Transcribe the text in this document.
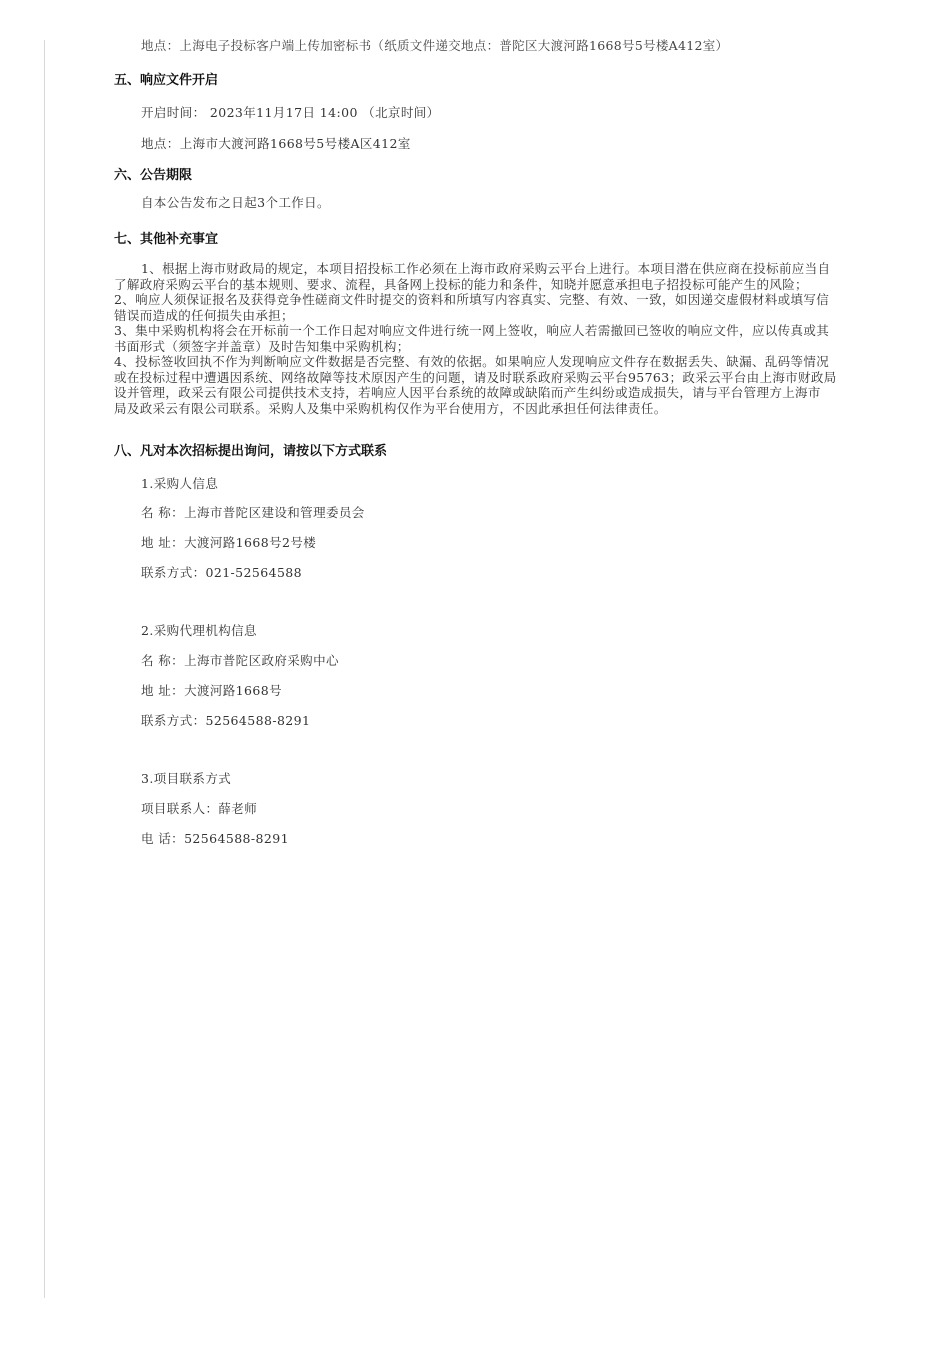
地点：上海电子投标客户端上传加密标书（纸质文件递交地点：普陀区大渡河路1668号5号楼A412室）
五、响应文件开启
开启时间： 2023年11月17日 14:00 （北京时间）
地点：上海市大渡河路1668号5号楼A区412室
六、公告期限
自本公告发布之日起3个工作日。
七、其他补充事宜
1、根据上海市财政局的规定，本项目招投标工作必须在上海市政府采购云平台上进行。本项目潜在供应商在投标前应当自
了解政府采购云平台的基本规则、要求、流程，具备网上投标的能力和条件，知晓并愿意承担电子招投标可能产生的风险；
2、响应人须保证报名及获得竞争性磋商文件时提交的资料和所填写内容真实、完整、有效、一致，如因递交虚假材料或填写信
错误而造成的任何损失由承担；
3、集中采购机构将会在开标前一个工作日起对响应文件进行统一网上签收，响应人若需撤回已签收的响应文件，应以传真或其
书面形式（须签字并盖章）及时告知集中采购机构；
4、投标签收回执不作为判断响应文件数据是否完整、有效的依据。如果响应人发现响应文件存在数据丢失、缺漏、乱码等情况
或在投标过程中遭遇因系统、网络故障等技术原因产生的问题，请及时联系政府采购云平台95763；政采云平台由上海市财政局
设并管理，政采云有限公司提供技术支持，若响应人因平台系统的故障或缺陷而产生纠纷或造成损失，请与平台管理方上海市
局及政采云有限公司联系。采购人及集中采购机构仅作为平台使用方，不因此承担任何法律责任。
八、凡对本次招标提出询问，请按以下方式联系
1.采购人信息
名 称：上海市普陀区建设和管理委员会
地 址：大渡河路1668号2号楼
联系方式：021-52564588
2.采购代理机构信息
名 称：上海市普陀区政府采购中心
地 址：大渡河路1668号
联系方式：52564588-8291
3.项目联系方式
项目联系人：薛老师
电 话：52564588-8291
